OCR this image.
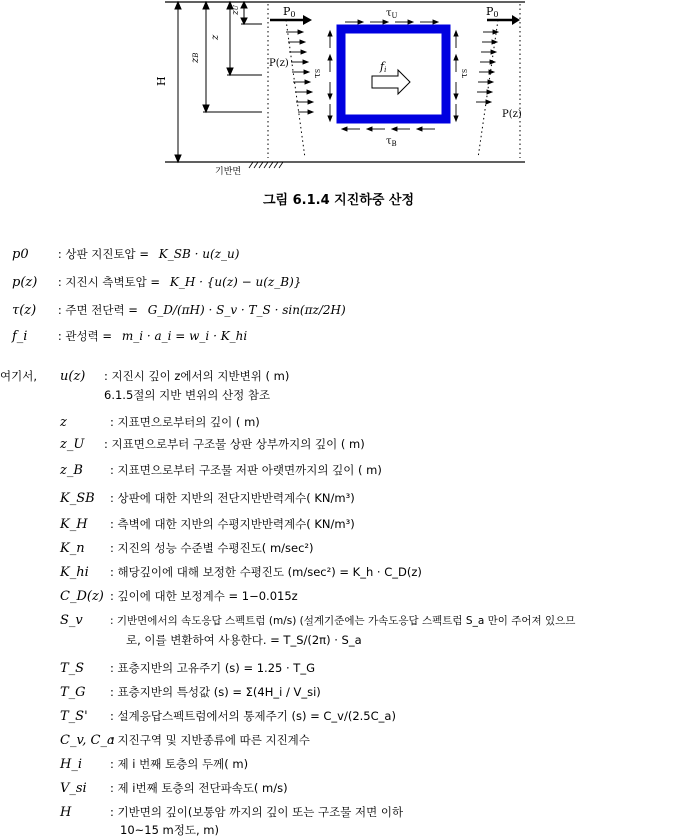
H
zB
z
zU	P0	P0
P(z)
P(z)
$\tau_U$
$\tau_B$
τS
τS
fi
기반면
그림 6.1.4 지진하중 산정
p0	: 상판 지진토압 = K_SB · u(z_u)
p(z) : 지진시 측벽토압 = K_H · {u(z) − u(z_B)}
τ(z) : 주면 전단력 = G_D/(πH) · S_v · T_S · sin(πz/2H)
f_i	: 관성력 = m_i · a_i = w_i · K_hi
여기서, u(z) : 지진시 깊이 z에서의 지반변위 ( m)
6.1.5절의 지반 변위의 산정 참조
z	: 지표면으로부터의 깊이 ( m)
z_U : 지표면으로부터 구조물 상판 상부까지의 깊이 ( m)
z_B : 지표면으로부터 구조물 저판 아랫면까지의 깊이 ( m)
K_SB : 상판에 대한 지반의 전단지반반력계수( KN/m³)
K_H : 측벽에 대한 지반의 수평지반반력계수( KN/m³)
K_n : 지진의 성능 수준별 수평진도( m/sec²)
K_hi : 해당깊이에 대해 보정한 수평진도 (m/sec²) = K_h · C_D(z)
C_D(z) : 깊이에 대한 보정계수 = 1−0.015z
S_v	: 기반면에서의 속도응답 스펙트럼 (m/s) (설계기준에는 가속도응답 스펙트럼 S_a 만이 주어져 있으므
로, 이를 변환하여 사용한다. = T_S/(2π) · S_a
T_S : 표층지반의 고유주기 (s) = 1.25 · T_G
T_G : 표층지반의 특성값 (s) = Σ(4H_i / V_si)
T_S' : 설계응답스펙트럼에서의 통제주기 (s) = C_v/(2.5C_a)
C_v, C_a
: 지진구역 및 지반종류에 따른 지진계수
H_i : 제 i 번째 토층의 두께( m)
V_si : 제 i번째 토층의 전단파속도( m/s)
H	: 기반면의 깊이(보통암 까지의 깊이 또는 구조물 저면 이하
10~15 m정도, m)
